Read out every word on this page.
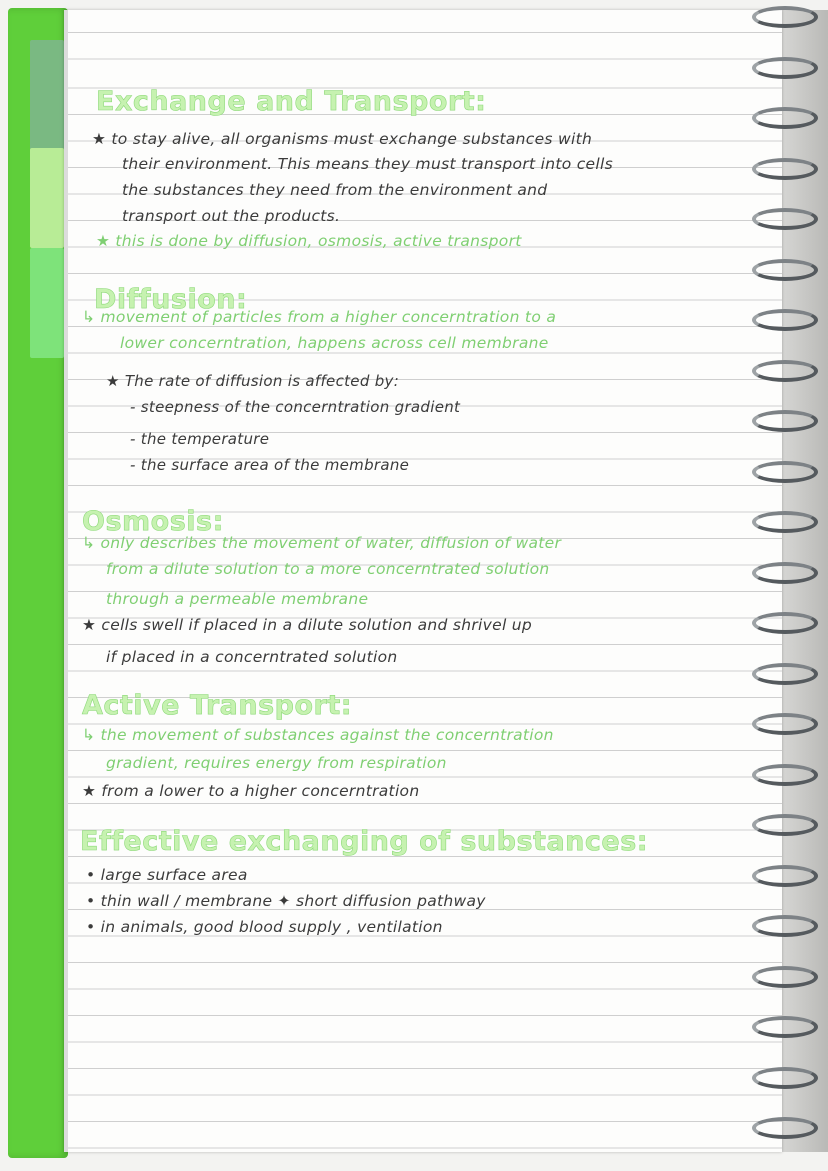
Exchange and Transport:
★ to stay alive, all organisms must exchange substances with
their environment. This means they must transport into cells
the substances they need from the environment and
transport out the products.
★ this is done by diffusion, osmosis, active transport
Diffusion:
↳ movement of particles from a higher concerntration to a
lower concerntration, happens across cell membrane
★ The rate of diffusion is affected by:
- steepness of the concerntration gradient
- the temperature
- the surface area of the membrane
Osmosis:
↳ only describes the movement of water, diffusion of water
from a dilute solution to a more concerntrated solution
through a permeable membrane
★ cells swell if placed in a dilute solution and shrivel up
if placed in a concerntrated solution
Active Transport:
↳ the movement of substances against the concerntration
gradient, requires energy from respiration
★ from a lower to a higher concerntration
Effective exchanging of substances:
• large surface area
• thin wall / membrane ✦ short diffusion pathway
• in animals, good blood supply , ventilation
